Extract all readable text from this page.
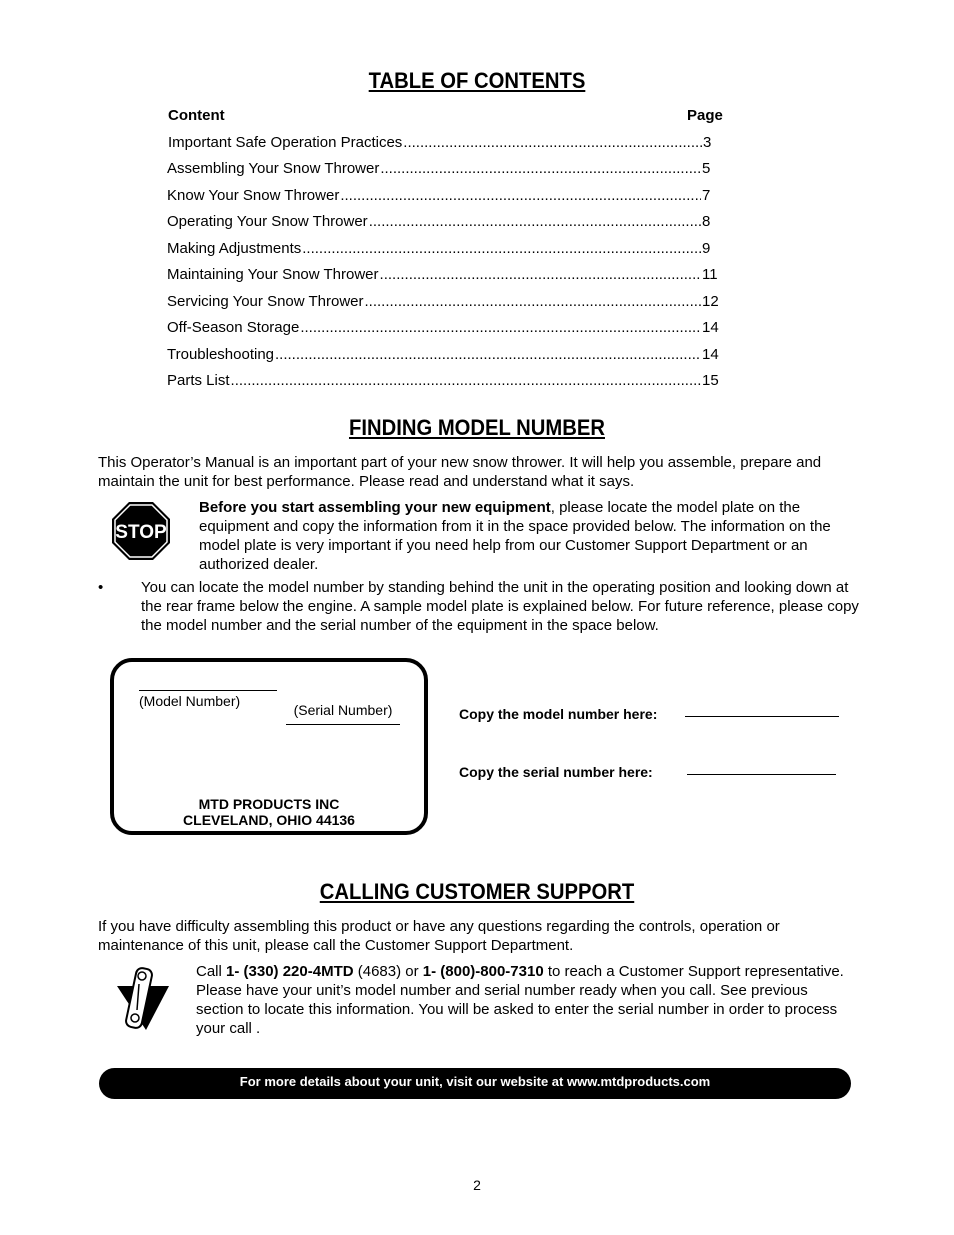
TABLE OF CONTENTS
Content	Page
Important Safe Operation Practices .....	3
Assembling Your Snow Thrower .....	5
Know Your Snow Thrower .....	7
Operating Your Snow Thrower .....	8
Making Adjustments .....	9
Maintaining Your Snow Thrower .....	11
Servicing Your Snow Thrower .....	12
Off-Season Storage .....	14
Troubleshooting .....	14
Parts List .....	15
FINDING MODEL NUMBER
This Operator’s Manual is an important part of your new snow thrower. It will help you assemble, prepare and maintain the unit for best performance. Please read and understand what it says.
STOP
Before you start assembling your new equipment, please locate the model plate on the equipment and copy the information from it in the space provided below. The information on the model plate is very important if you need help from our Customer Support Department or an authorized dealer.
•	You can locate the model number by standing behind the unit in the operating position and looking down at the rear frame below the engine. A sample model plate is explained below. For future reference, please copy the model number and the serial number of the equipment in the space below.
(Model Number)
(Serial Number)
MTD PRODUCTS INC
CLEVELAND, OHIO 44136
Copy the model number here:
Copy the serial number here:
CALLING CUSTOMER SUPPORT
If you have difficulty assembling this product or have any questions regarding the controls, operation or maintenance of this unit, please call the Customer Support Department.
Call 1- (330) 220-4MTD (4683) or 1- (800)-800-7310 to reach a Customer Support representative. Please have your unit’s model number and serial number ready when you call. See previous section to locate this information. You will be asked to enter the serial number in order to process your call .
For more details about your unit, visit our website at www.mtdproducts.com
2
